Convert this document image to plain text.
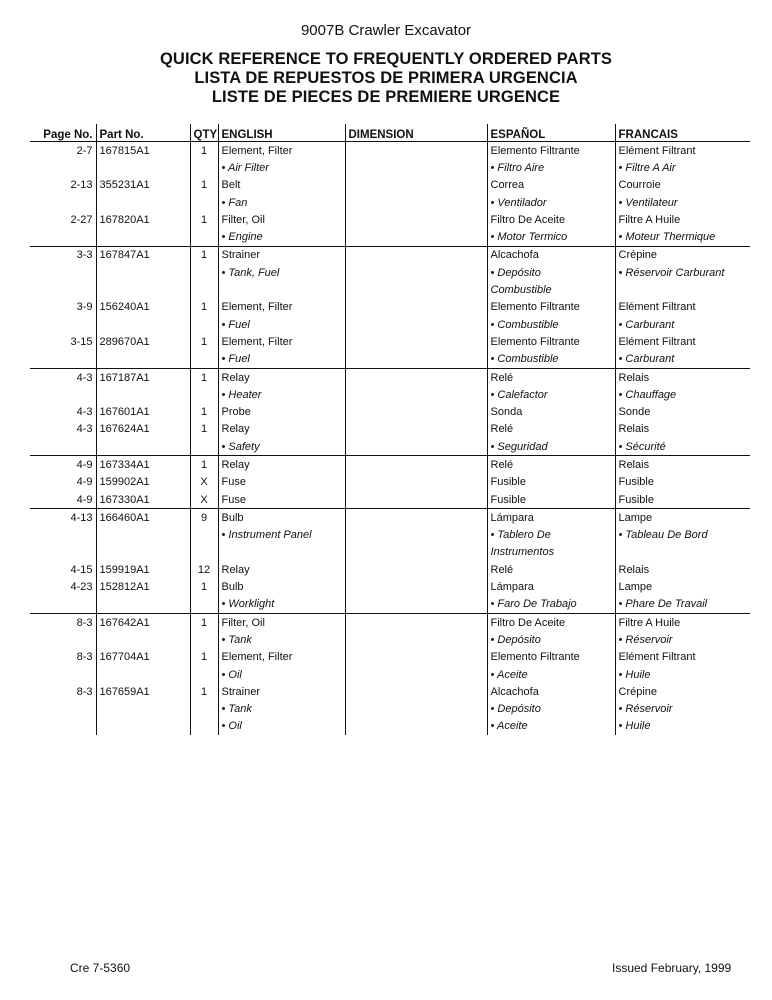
9007B Crawler Excavator
QUICK REFERENCE TO FREQUENTLY ORDERED PARTS
LISTA DE REPUESTOS DE PRIMERA URGENCIA
LISTE DE PIECES DE PREMIERE URGENCE
Page No.	Part No.	QTY	ENGLISH	DIMENSION	ESPAÑOL	FRANCAIS
2-7	167815A1	1	Element, Filter		Elemento Filtrante	Elément Filtrant
			• Air Filter		• Filtro Aire	• Filtre A Air
2-13	355231A1	1	Belt		Correa	Courroie
			• Fan		• Ventilador	• Ventilateur
2-27	167820A1	1	Filter, Oil		Filtro De Aceite	Filtre A Huile
			• Engine		• Motor Termico	• Moteur Thermique
3-3	167847A1	1	Strainer		Alcachofa	Crépine
			• Tank, Fuel		• Depósito	• Réservoir Carburant
					Combustible	
3-9	156240A1	1	Element, Filter		Elemento Filtrante	Elément Filtrant
			• Fuel		• Combustible	• Carburant
3-15	289670A1	1	Element, Filter		Elemento Filtrante	Elément Filtrant
			• Fuel		• Combustible	• Carburant
4-3	167187A1	1	Relay		Relé	Relais
			• Heater		• Calefactor	• Chauffage
4-3	167601A1	1	Probe		Sonda	Sonde
4-3	167624A1	1	Relay		Relé	Relais
			• Safety		• Seguridad	• Sécurité
4-9	167334A1	1	Relay		Relé	Relais
4-9	159902A1	X	Fuse		Fusible	Fusible
4-9	167330A1	X	Fuse		Fusible	Fusible
4-13	166460A1	9	Bulb		Lámpara	Lampe
			• Instrument Panel		• Tablero De	• Tableau De Bord
					Instrumentos	
4-15	159919A1	12	Relay		Relé	Relais
4-23	152812A1	1	Bulb		Lámpara	Lampe
			• Worklight		• Faro De Trabajo	• Phare De Travail
8-3	167642A1	1	Filter, Oil		Filtro De Aceite	Filtre A Huile
			• Tank		• Depósito	• Réservoir
8-3	167704A1	1	Element, Filter		Elemento Filtrante	Elément Filtrant
			• Oil		• Aceite	• Huile
8-3	167659A1	1	Strainer		Alcachofa	Crépine
			• Tank		• Depósito	• Réservoir
			• Oil		• Aceite	• Huile
Cre 7-5360	Issued February, 1999
